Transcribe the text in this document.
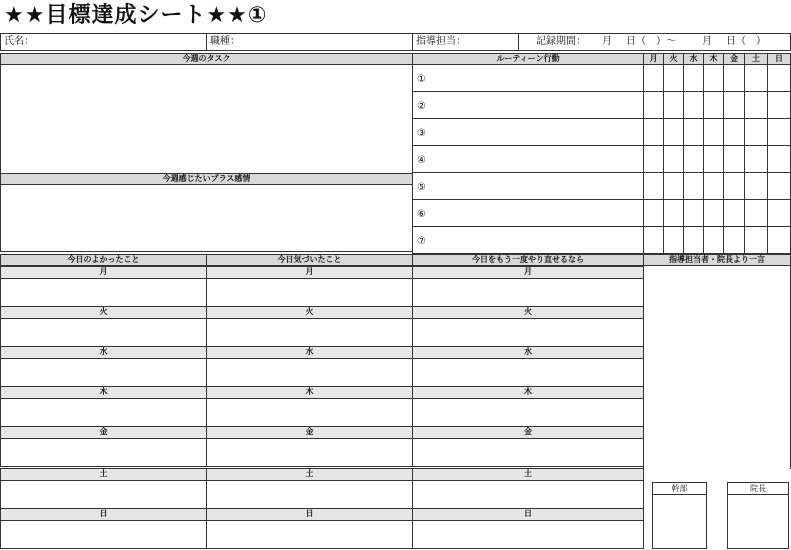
★★目標達成シート★★①
氏名：	職種：	指導担当：	記録期間： 月 日（　）～	月 日（　）
今週のタスク
今週感じたいプラス感情
ルーティーン行動	月	火	水	木	金	土	日
①
②
③
④
⑤
⑥
⑦
今日のよかったこと	今日気づいたこと	今日をもう一度やり直せるなら	指導担当者・院長より一言
月	月	月
火	火	火
水	水	水
木	木	木
金	金	金
土	土	土
日	日	日
幹部	院長
